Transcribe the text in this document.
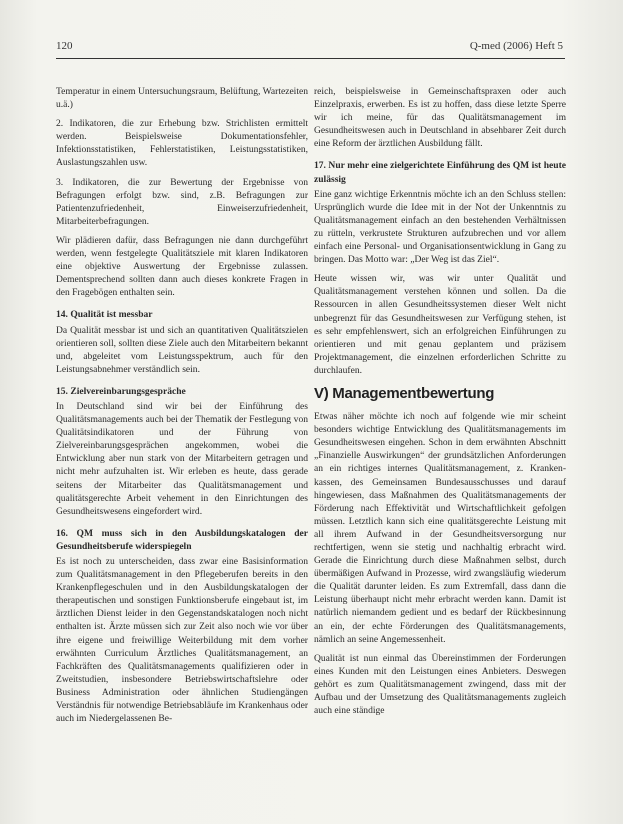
120	Q-med (2006) Heft 5

Temperatur in einem Untersuchungsraum, Belüftung, Wartezeiten u.ä.)

2. Indikatoren, die zur Erhebung bzw. Strichlisten ermittelt werden. Beispielsweise Dokumentationsfehler, Infektionsstatistiken, Fehlerstatistiken, Leistungsstatistiken, Auslastungszahlen usw.

3. Indikatoren, die zur Bewertung der Ergebnisse von Befragungen erfolgt bzw. sind, z.B. Befragungen zur Patientenzufriedenheit, Einweiserzufriedenheit, Mitarbeiterbefragungen.

Wir plädieren dafür, dass Befragungen nie dann durchgeführt werden, wenn festgelegte Qualitätsziele mit klaren Indikatoren eine objektive Auswertung der Ergebnisse zulassen. Dementsprechend sollten dann auch dieses konkrete Fragen in den Fragebögen enthalten sein.

14. Qualität ist messbar

Da Qualität messbar ist und sich an quantitativen Qualitätszielen orientieren soll, sollten diese Ziele auch den Mitarbeitern bekannt und, abgeleitet vom Leistungsspektrum, auch für den Leistungsabnehmer verständlich sein.

15. Zielvereinbarungsgespräche

In Deutschland sind wir bei der Einführung des Qualitätsmanagements auch bei der Thematik der Festlegung von Qualitätsindikatoren und der Führung von Zielvereinbarungsgesprächen angekommen, wobei die Entwicklung aber nun stark von der Mitarbeitern getragen und nicht mehr aufzuhalten ist. Wir erleben es heute, dass gerade seitens der Mitarbeiter das Qualitätsmanagement und qualitätsgerechte Arbeit vehement in den Einrichtungen des Gesundheitswesens eingefordert wird.

16. QM muss sich in den Ausbildungskatalogen der Gesundheitsberufe widerspiegeln

Es ist noch zu unterscheiden, dass zwar eine Basisinformation zum Qualitätsmanagement in den Pflegeberufen bereits in den Krankenpflegeschulen und in den Ausbildungskatalogen der therapeutischen und sonstigen Funktionsberufe eingebaut ist, im ärztlichen Dienst leider in den Gegenstandskatalogen noch nicht enthalten ist. Ärzte müssen sich zur Zeit also noch wie vor über ihre eigene und freiwillige Weiterbildung mit dem vorher erwähnten Curriculum Ärztliches Qualitätsmanagement, an Fachkräften des Qualitätsmanagements qualifizieren oder in Zweitstudien, insbesondere Betriebswirtschaftslehre oder Business Administration oder ähnlichen Studiengängen Verständnis für notwendige Betriebsabläufe im Krankenhaus oder auch im Niedergelassenen Be-

reich, beispielsweise in Gemeinschaftspraxen oder auch Einzelpraxis, erwerben. Es ist zu hoffen, dass diese letzte Sperre wir ich meine, für das Qualitätsmanagement im Gesundheitswesen auch in Deutschland in absehbarer Zeit durch eine Reform der ärztlichen Ausbildung fällt.

17. Nur mehr eine zielgerichtete Einführung des QM ist heute zulässig

Eine ganz wichtige Erkenntnis möchte ich an den Schluss stellen: Ursprünglich wurde die Idee mit in der Not der Unkenntnis zu Qualitätsmanagement einfach an den bestehenden Verhältnissen zu rütteln, verkrustete Strukturen aufzubrechen und vor allem einfach eine Personal- und Organisationsentwicklung in Gang zu bringen. Das Motto war: „Der Weg ist das Ziel“.

Heute wissen wir, was wir unter Qualität und Qualitätsmanagement verstehen können und sollen. Da die Ressourcen in allen Gesundheitssystemen dieser Welt nicht unbegrenzt für das Gesundheitswesen zur Verfügung stehen, ist es sehr empfehlenswert, sich an erfolgreichen Einführungen zu orientieren und mit genau geplantem und präzisem Projektmanagement, die einzelnen erforderlichen Schritte zu durchlaufen.

V) Managementbewertung

Etwas näher möchte ich noch auf folgende wie mir scheint besonders wichtige Entwicklung des Qualitätsmanagements im Gesundheitswesen eingehen. Schon in dem erwähnten Abschnitt „Finanzielle Auswirkungen“ der grundsätzlichen Anforderungen an ein richtiges internes Qualitätsmanagement, z. Kranken-kassen, des Gemeinsamen Bundesausschusses und darauf hingewiesen, dass Maßnahmen des Qualitätsmanagements der Förderung nach Effektivität und Wirtschaftlichkeit gefolgen müssen. Letztlich kann sich eine qualitätsgerechte Leistung mit all ihrem Aufwand in der Gesundheitsversorgung nur rechtfertigen, wenn sie stetig und nachhaltig erbracht wird. Gerade die Einrichtung durch diese Maßnahmen selbst, durch übermäßigen Aufwand in Prozesse, wird zwangsläufig wiederum die Qualität darunter leiden. Es zum Extremfall, dass dann die Leistung überhaupt nicht mehr erbracht werden kann. Damit ist natürlich niemandem gedient und es bedarf der Rückbesinnung an ein, der echte Förderungen des Qualitätsmanagements, nämlich an seine Angemessenheit.

Qualität ist nun einmal das Übereinstimmen der Forderungen eines Kunden mit den Leistungen eines Anbieters. Deswegen gehört es zum Qualitätsmanagement zwingend, dass mit der Aufbau und der Umsetzung des Qualitätsmanagements zugleich auch eine ständige
